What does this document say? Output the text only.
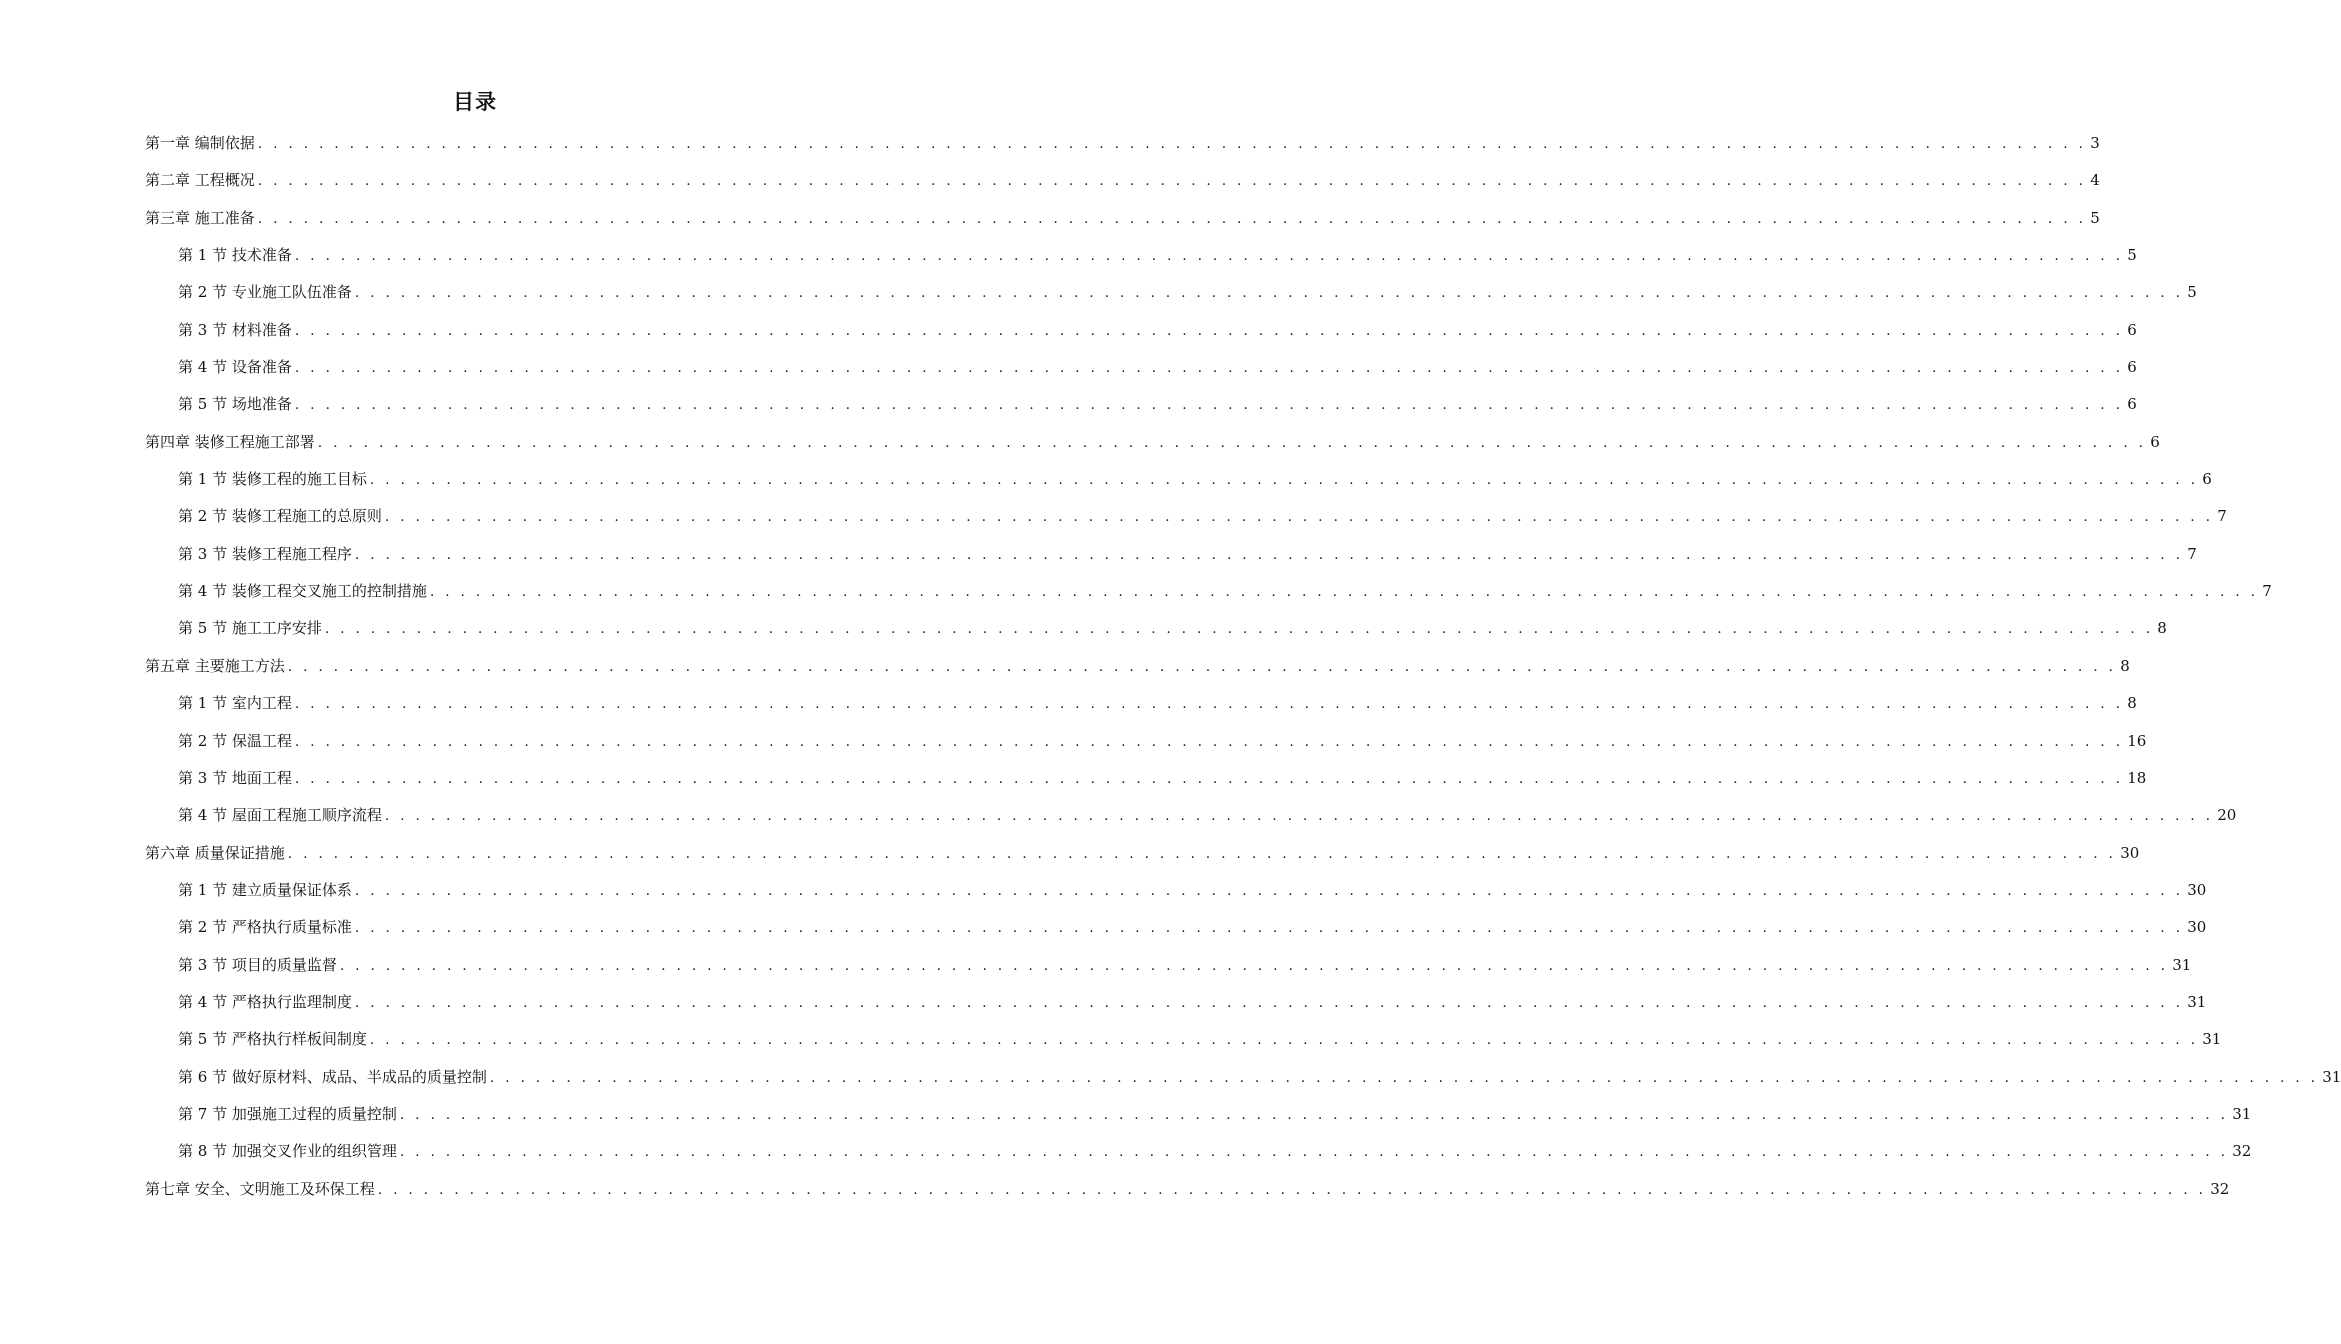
目录
第一章 编制依据 . . . . . . . . . . . . . . . . . . . . . . . . . . . . . . . . . . . . . . . . . . . . . . . . . . . . . . . . . . . . . . . . . . . . . . . . . . . . . . . . . . . . . . . . . . . . . . . . . . . . . . . . . . . . . . . . . . . . . . . . 3
第二章 工程概况 . . . . . . . . . . . . . . . . . . . . . . . . . . . . . . . . . . . . . . . . . . . . . . . . . . . . . . . . . . . . . . . . . . . . . . . . . . . . . . . . . . . . . . . . . . . . . . . . . . . . . . . . . . . . . . . . . . . . . . . . 4
第三章 施工准备 . . . . . . . . . . . . . . . . . . . . . . . . . . . . . . . . . . . . . . . . . . . . . . . . . . . . . . . . . . . . . . . . . . . . . . . . . . . . . . . . . . . . . . . . . . . . . . . . . . . . . . . . . . . . . . . . . . . . . . . . 5
第 1 节 技术准备 . . . . . . . . . . . . . . . . . . . . . . . . . . . . . . . . . . . . . . . . . . . . . . . . . . . . . . . . . . . . . . . . . . . . . . . . . . . . . . . . . . . . . . . . . . . . . . . . . . . . . . . . . . . . . . . . . . . . . . . . 5
第 2 节 专业施工队伍准备 . . . . . . . . . . . . . . . . . . . . . . . . . . . . . . . . . . . . . . . . . . . . . . . . . . . . . . . . . . . . . . . . . . . . . . . . . . . . . . . . . . . . . . . . . . . . . . . . . . . . . . . . . . . . . . . . . . . . . . . . 5
第 3 节 材料准备 . . . . . . . . . . . . . . . . . . . . . . . . . . . . . . . . . . . . . . . . . . . . . . . . . . . . . . . . . . . . . . . . . . . . . . . . . . . . . . . . . . . . . . . . . . . . . . . . . . . . . . . . . . . . . . . . . . . . . . . . 6
第 4 节 设备准备 . . . . . . . . . . . . . . . . . . . . . . . . . . . . . . . . . . . . . . . . . . . . . . . . . . . . . . . . . . . . . . . . . . . . . . . . . . . . . . . . . . . . . . . . . . . . . . . . . . . . . . . . . . . . . . . . . . . . . . . . 6
第 5 节 场地准备 . . . . . . . . . . . . . . . . . . . . . . . . . . . . . . . . . . . . . . . . . . . . . . . . . . . . . . . . . . . . . . . . . . . . . . . . . . . . . . . . . . . . . . . . . . . . . . . . . . . . . . . . . . . . . . . . . . . . . . . . 6
第四章 装修工程施工部署 . . . . . . . . . . . . . . . . . . . . . . . . . . . . . . . . . . . . . . . . . . . . . . . . . . . . . . . . . . . . . . . . . . . . . . . . . . . . . . . . . . . . . . . . . . . . . . . . . . . . . . . . . . . . . . . . . . . . . . . . 6
第 1 节 装修工程的施工目标 . . . . . . . . . . . . . . . . . . . . . . . . . . . . . . . . . . . . . . . . . . . . . . . . . . . . . . . . . . . . . . . . . . . . . . . . . . . . . . . . . . . . . . . . . . . . . . . . . . . . . . . . . . . . . . . . . . . . . . . . 6
第 2 节 装修工程施工的总原则 . . . . . . . . . . . . . . . . . . . . . . . . . . . . . . . . . . . . . . . . . . . . . . . . . . . . . . . . . . . . . . . . . . . . . . . . . . . . . . . . . . . . . . . . . . . . . . . . . . . . . . . . . . . . . . . . . . . . . . . . 7
第 3 节 装修工程施工程序 . . . . . . . . . . . . . . . . . . . . . . . . . . . . . . . . . . . . . . . . . . . . . . . . . . . . . . . . . . . . . . . . . . . . . . . . . . . . . . . . . . . . . . . . . . . . . . . . . . . . . . . . . . . . . . . . . . . . . . . . 7
第 4 节 装修工程交叉施工的控制措施 . . . . . . . . . . . . . . . . . . . . . . . . . . . . . . . . . . . . . . . . . . . . . . . . . . . . . . . . . . . . . . . . . . . . . . . . . . . . . . . . . . . . . . . . . . . . . . . . . . . . . . . . . . . . . . . . . . . . . . . . 7
第 5 节 施工工序安排 . . . . . . . . . . . . . . . . . . . . . . . . . . . . . . . . . . . . . . . . . . . . . . . . . . . . . . . . . . . . . . . . . . . . . . . . . . . . . . . . . . . . . . . . . . . . . . . . . . . . . . . . . . . . . . . . . . . . . . . . 8
第五章 主要施工方法 . . . . . . . . . . . . . . . . . . . . . . . . . . . . . . . . . . . . . . . . . . . . . . . . . . . . . . . . . . . . . . . . . . . . . . . . . . . . . . . . . . . . . . . . . . . . . . . . . . . . . . . . . . . . . . . . . . . . . . . . 8
第 1 节 室内工程 . . . . . . . . . . . . . . . . . . . . . . . . . . . . . . . . . . . . . . . . . . . . . . . . . . . . . . . . . . . . . . . . . . . . . . . . . . . . . . . . . . . . . . . . . . . . . . . . . . . . . . . . . . . . . . . . . . . . . . . . 8
第 2 节 保温工程 . . . . . . . . . . . . . . . . . . . . . . . . . . . . . . . . . . . . . . . . . . . . . . . . . . . . . . . . . . . . . . . . . . . . . . . . . . . . . . . . . . . . . . . . . . . . . . . . . . . . . . . . . . . . . . . . . . . . . . . . 16
第 3 节 地面工程 . . . . . . . . . . . . . . . . . . . . . . . . . . . . . . . . . . . . . . . . . . . . . . . . . . . . . . . . . . . . . . . . . . . . . . . . . . . . . . . . . . . . . . . . . . . . . . . . . . . . . . . . . . . . . . . . . . . . . . . . 18
第 4 节 屋面工程施工顺序流程 . . . . . . . . . . . . . . . . . . . . . . . . . . . . . . . . . . . . . . . . . . . . . . . . . . . . . . . . . . . . . . . . . . . . . . . . . . . . . . . . . . . . . . . . . . . . . . . . . . . . . . . . . . . . . . . . . . . . . . . . 20
第六章 质量保证措施 . . . . . . . . . . . . . . . . . . . . . . . . . . . . . . . . . . . . . . . . . . . . . . . . . . . . . . . . . . . . . . . . . . . . . . . . . . . . . . . . . . . . . . . . . . . . . . . . . . . . . . . . . . . . . . . . . . . . . . . . 30
第 1 节 建立质量保证体系 . . . . . . . . . . . . . . . . . . . . . . . . . . . . . . . . . . . . . . . . . . . . . . . . . . . . . . . . . . . . . . . . . . . . . . . . . . . . . . . . . . . . . . . . . . . . . . . . . . . . . . . . . . . . . . . . . . . . . . . . 30
第 2 节 严格执行质量标准 . . . . . . . . . . . . . . . . . . . . . . . . . . . . . . . . . . . . . . . . . . . . . . . . . . . . . . . . . . . . . . . . . . . . . . . . . . . . . . . . . . . . . . . . . . . . . . . . . . . . . . . . . . . . . . . . . . . . . . . . 30
第 3 节 项目的质量监督 . . . . . . . . . . . . . . . . . . . . . . . . . . . . . . . . . . . . . . . . . . . . . . . . . . . . . . . . . . . . . . . . . . . . . . . . . . . . . . . . . . . . . . . . . . . . . . . . . . . . . . . . . . . . . . . . . . . . . . . . 31
第 4 节 严格执行监理制度 . . . . . . . . . . . . . . . . . . . . . . . . . . . . . . . . . . . . . . . . . . . . . . . . . . . . . . . . . . . . . . . . . . . . . . . . . . . . . . . . . . . . . . . . . . . . . . . . . . . . . . . . . . . . . . . . . . . . . . . . 31
第 5 节 严格执行样板间制度 . . . . . . . . . . . . . . . . . . . . . . . . . . . . . . . . . . . . . . . . . . . . . . . . . . . . . . . . . . . . . . . . . . . . . . . . . . . . . . . . . . . . . . . . . . . . . . . . . . . . . . . . . . . . . . . . . . . . . . . . 31
第 6 节 做好原材料、成品、半成品的质量控制 . . . . . . . . . . . . . . . . . . . . . . . . . . . . . . . . . . . . . . . . . . . . . . . . . . . . . . . . . . . . . . . . . . . . . . . . . . . . . . . . . . . . . . . . . . . . . . . . . . . . . . . . . . . . . . . . . . . . . . . . 31
第 7 节 加强施工过程的质量控制 . . . . . . . . . . . . . . . . . . . . . . . . . . . . . . . . . . . . . . . . . . . . . . . . . . . . . . . . . . . . . . . . . . . . . . . . . . . . . . . . . . . . . . . . . . . . . . . . . . . . . . . . . . . . . . . . . . . . . . . . 31
第 8 节 加强交叉作业的组织管理 . . . . . . . . . . . . . . . . . . . . . . . . . . . . . . . . . . . . . . . . . . . . . . . . . . . . . . . . . . . . . . . . . . . . . . . . . . . . . . . . . . . . . . . . . . . . . . . . . . . . . . . . . . . . . . . . . . . . . . . . 32
第七章 安全、文明施工及环保工程 . . . . . . . . . . . . . . . . . . . . . . . . . . . . . . . . . . . . . . . . . . . . . . . . . . . . . . . . . . . . . . . . . . . . . . . . . . . . . . . . . . . . . . . . . . . . . . . . . . . . . . . . . . . . . . . . . . . . . . . . 32
